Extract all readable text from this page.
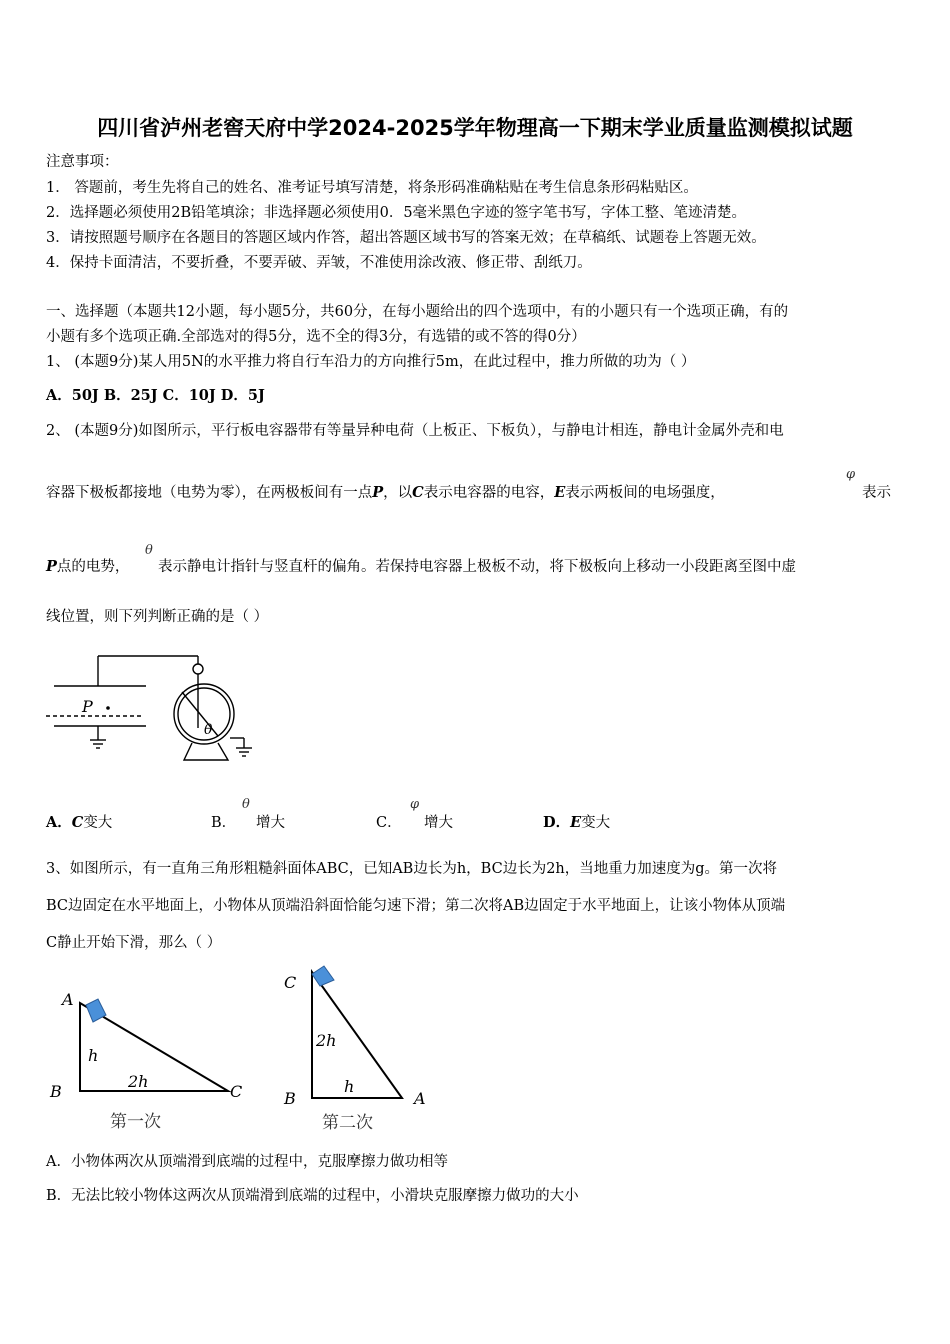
四川省泸州老窖天府中学2024-2025学年物理高一下期末学业质量监测模拟试题
注意事项：
1． 答题前，考生先将自己的姓名、准考证号填写清楚，将条形码准确粘贴在考生信息条形码粘贴区。
2．选择题必须使用2B铅笔填涂；非选择题必须使用0．5毫米黑色字迹的签字笔书写，字体工整、笔迹清楚。
3．请按照题号顺序在各题目的答题区域内作答，超出答题区域书写的答案无效；在草稿纸、试题卷上答题无效。
4．保持卡面清洁，不要折叠，不要弄破、弄皱，不准使用涂改液、修正带、刮纸刀。
一、选择题（本题共12小题，每小题5分，共60分，在每小题给出的四个选项中，有的小题只有一个选项正确，有的
小题有多个选项正确.全部选对的得5分，选不全的得3分，有选错的或不答的得0分）
1、 (本题9分)某人用5N的水平推力将自行车沿力的方向推行5m，在此过程中，推力所做的功为（ ）
A．50J B．25J C．10J D．5J
2、 (本题9分)如图所示，平行板电容器带有等量异种电荷（上板正、下板负），与静电计相连，静电计金属外壳和电
容器下极板都接地（电势为零），在两极板间有一点P，以C表示电容器的电容，E表示两板间的电场强度，
φ
表示
P点的电势，
θ
表示静电计指针与竖直杆的偏角。若保持电容器上极板不动，将下极板向上移动一小段距离至图中虚
线位置，则下列判断正确的是（ ）
P
θ
A．C变大	B．
θ
增大	C．
φ
增大	D．E变大
3、如图所示，有一直角三角形粗糙斜面体ABC，已知AB边长为h，BC边长为2h，当地重力加速度为g。第一次将
BC边固定在水平地面上，小物体从顶端沿斜面恰能匀速下滑；第二次将AB边固定于水平地面上，让该小物体从顶端
C静止开始下滑，那么（ ）
A
B	C
h
2h
第一次
C
B	A
2h
h
第二次
A．小物体两次从顶端滑到底端的过程中，克服摩擦力做功相等
B．无法比较小物体这两次从顶端滑到底端的过程中，小滑块克服摩擦力做功的大小
